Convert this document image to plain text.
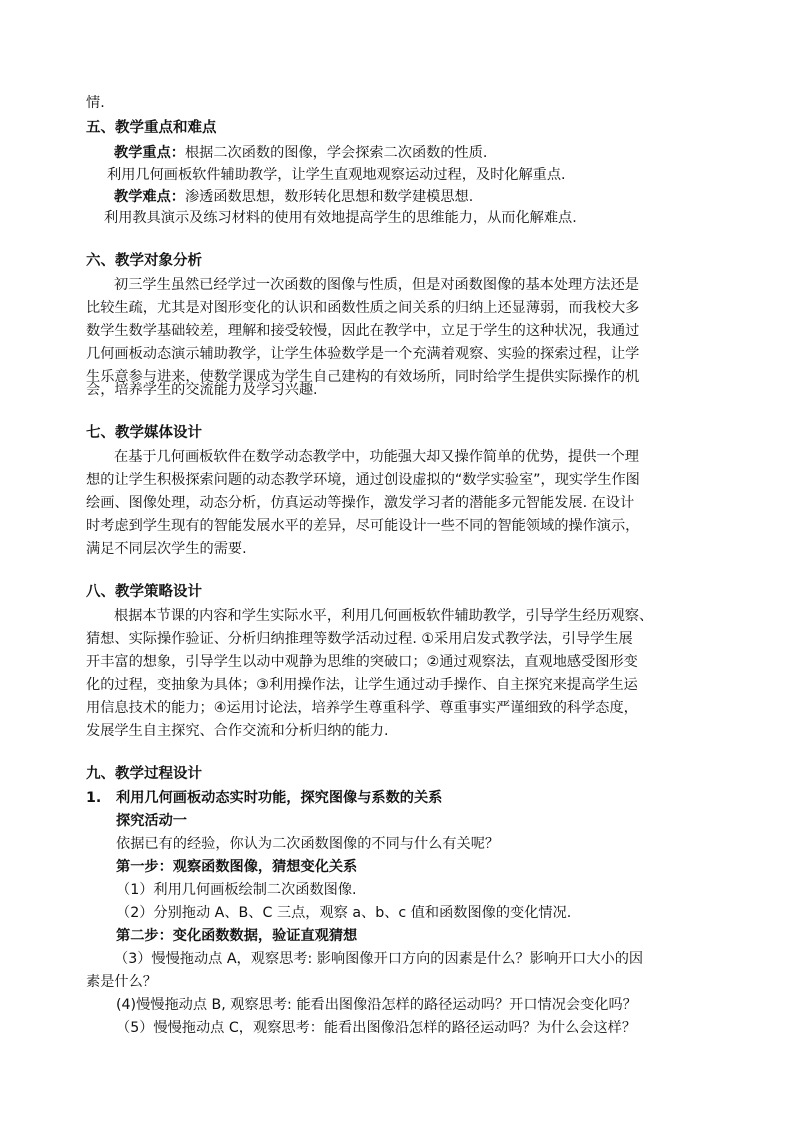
情.
五、教学重点和难点
教学重点：根据二次函数的图像，学会探索二次函数的性质.
利用几何画板软件辅助教学，让学生直观地观察运动过程，及时化解重点.
教学难点：渗透函数思想，数形转化思想和数学建模思想.
利用教具演示及练习材料的使用有效地提高学生的思维能力，从而化解难点.
六、教学对象分析
初三学生虽然已经学过一次函数的图像与性质，但是对函数图像的基本处理方法还是
比较生疏，尤其是对图形变化的认识和函数性质之间关系的归纳上还显薄弱，而我校大多
数学生数学基础较差，理解和接受较慢，因此在教学中，立足于学生的这种状况，我通过
几何画板动态演示辅助教学，让学生体验数学是一个充满着观察、实验的探索过程，让学
生乐意参与进来，使数学课成为学生自己建构的有效场所，同时给学生提供实际操作的机
会，培养学生的交流能力及学习兴趣.
七、教学媒体设计
在基于几何画板软件在数学动态教学中，功能强大却又操作简单的优势，提供一个理
想的让学生积极探索问题的动态教学环境，通过创设虚拟的“数学实验室”，现实学生作图
绘画、图像处理，动态分析，仿真运动等操作，激发学习者的潜能多元智能发展. 在设计
时考虑到学生现有的智能发展水平的差异，尽可能设计一些不同的智能领域的操作演示，
满足不同层次学生的需要.
八、教学策略设计
根据本节课的内容和学生实际水平，利用几何画板软件辅助教学，引导学生经历观察、
猜想、实际操作验证、分析归纳推理等数学活动过程. ①采用启发式教学法，引导学生展
开丰富的想象，引导学生以动中观静为思维的突破口；②通过观察法，直观地感受图形变
化的过程，变抽象为具体；③利用操作法，让学生通过动手操作、自主探究来提高学生运
用信息技术的能力；④运用讨论法，培养学生尊重科学、尊重事实严谨细致的科学态度，
发展学生自主探究、合作交流和分析归纳的能力.
九、教学过程设计
1. 利用几何画板动态实时功能，探究图像与系数的关系
探究活动一
依据已有的经验，你认为二次函数图像的不同与什么有关呢？
第一步：观察函数图像，猜想变化关系
（1）利用几何画板绘制二次函数图像.
（2）分别拖动 A、B、C 三点，观察 a、b、c 值和函数图像的变化情况.
第二步：变化函数数据，验证直观猜想
（3）慢慢拖动点 A，观察思考: 影响图像开口方向的因素是什么？影响开口大小的因
素是什么？
(4)慢慢拖动点 B, 观察思考: 能看出图像沿怎样的路径运动吗？开口情况会变化吗？
（5）慢慢拖动点 C，观察思考：能看出图像沿怎样的路径运动吗？为什么会这样？
